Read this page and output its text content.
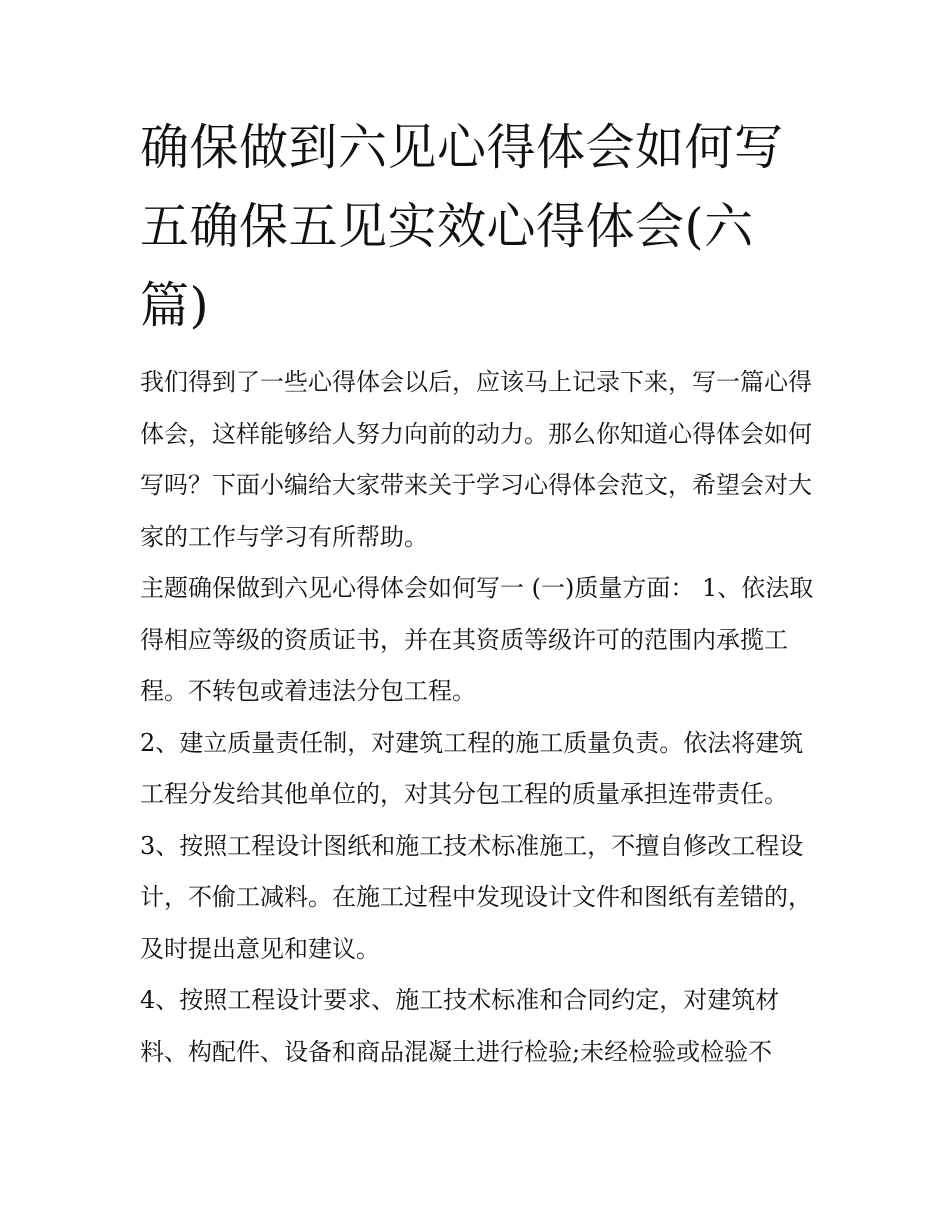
确保做到六见心得体会如何写五确保五见实效心得体会(六篇)

我们得到了一些心得体会以后，应该马上记录下来，写一篇心得体会，这样能够给人努力向前的动力。那么你知道心得体会如何写吗？下面小编给大家带来关于学习心得体会范文，希望会对大家的工作与学习有所帮助。

主题确保做到六见心得体会如何写一 (一)质量方面： 1、依法取得相应等级的资质证书，并在其资质等级许可的范围内承揽工程。不转包或着违法分包工程。

2、建立质量责任制，对建筑工程的施工质量负责。依法将建筑工程分发给其他单位的，对其分包工程的质量承担连带责任。

3、按照工程设计图纸和施工技术标准施工，不擅自修改工程设计，不偷工减料。在施工过程中发现设计文件和图纸有差错的，及时提出意见和建议。

4、按照工程设计要求、施工技术标准和合同约定，对建筑材料、构配件、设备和商品混凝土进行检验;未经检验或检验不
